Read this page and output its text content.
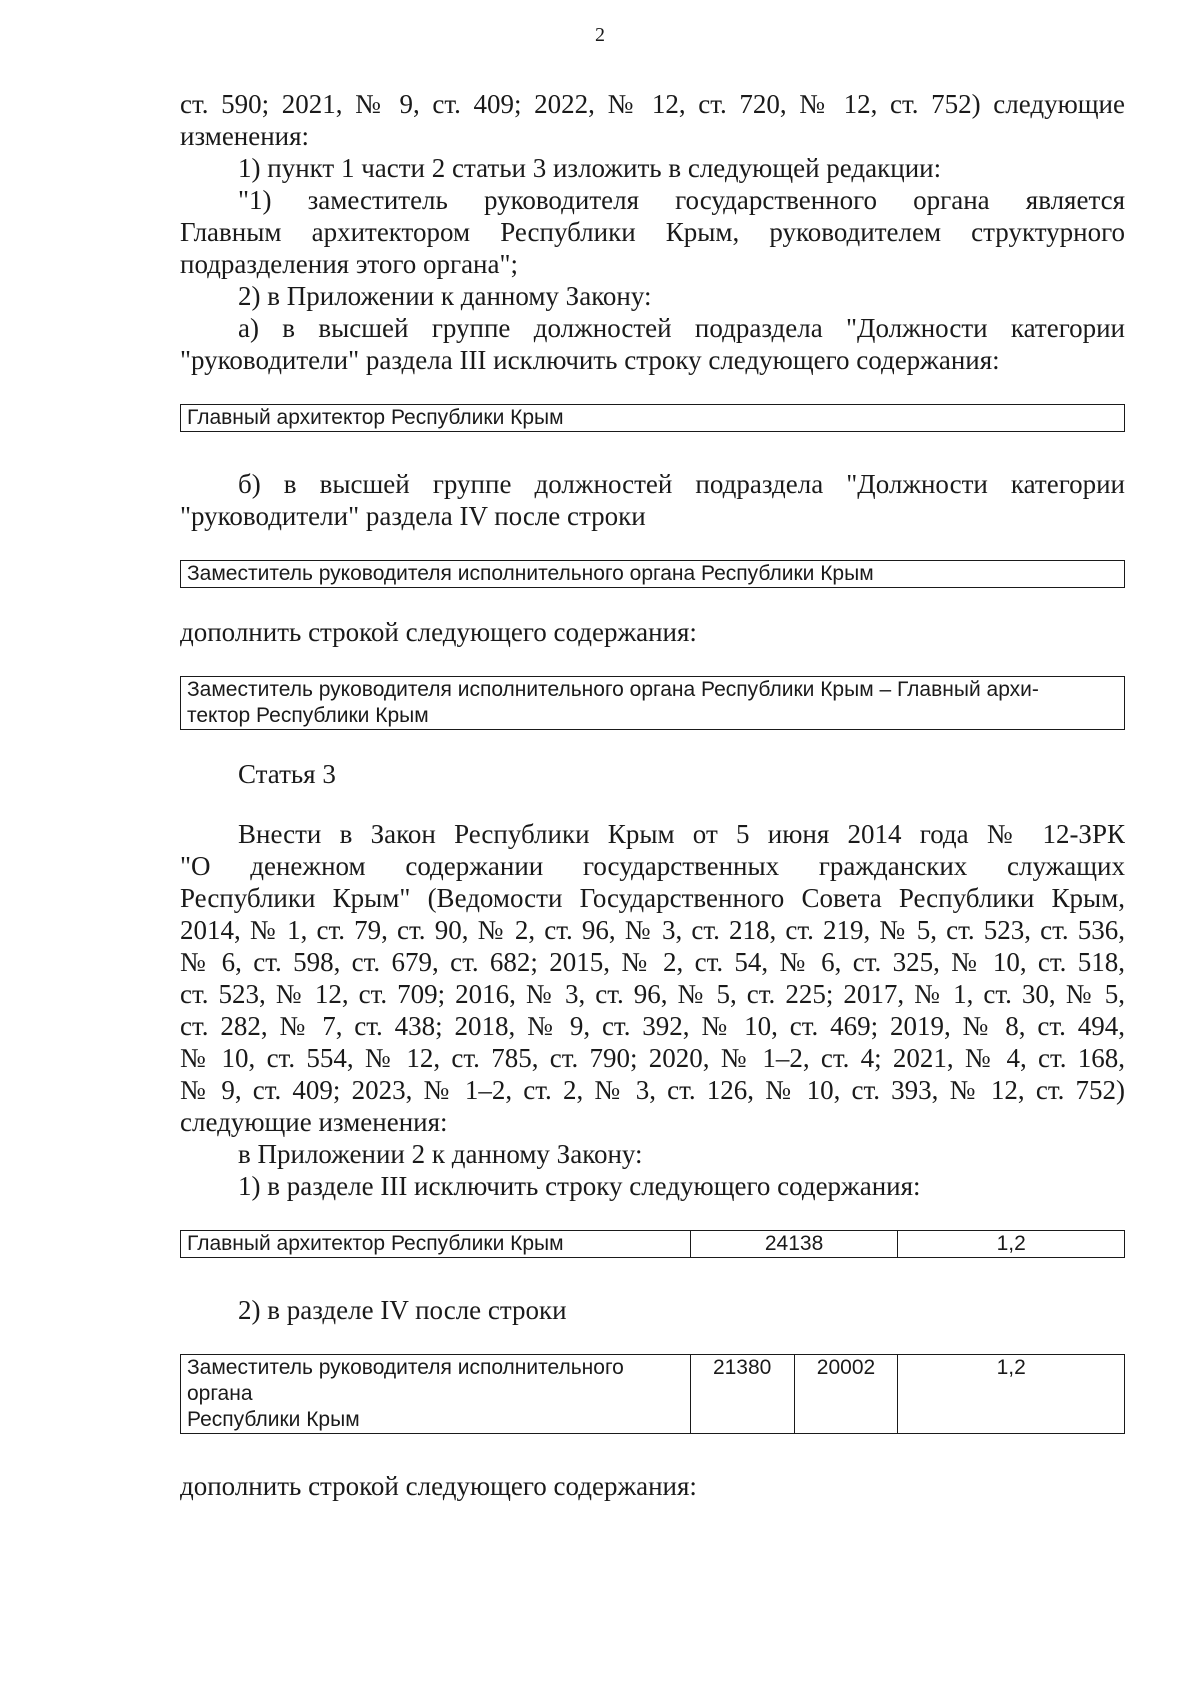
2

ст. 590; 2021, № 9, ст. 409; 2022, № 12, ст. 720, № 12, ст. 752) следующие

изменения:

1) пункт 1 части 2 статьи 3 изложить в следующей редакции:

"1) заместитель руководителя государственного органа является

Главным архитектором Республики Крым, руководителем структурного

подразделения этого органа";

2) в Приложении к данному Закону:

а) в высшей группе должностей подраздела "Должности категории

"руководители" раздела III исключить строку следующего содержания:

Главный архитектор Республики Крым

б) в высшей группе должностей подраздела "Должности категории

"руководители" раздела IV после строки

Заместитель руководителя исполнительного органа Республики Крым

дополнить строкой следующего содержания:

Заместитель руководителя исполнительного органа Республики Крым – Главный архи-
тектор Республики Крым

Статья 3

Внести в Закон Республики Крым от 5 июня 2014 года № 12-ЗРК

"О денежном содержании государственных гражданских служащих

Республики Крым" (Ведомости Государственного Совета Республики Крым,

2014, № 1, ст. 79, ст. 90, № 2, ст. 96, № 3, ст. 218, ст. 219, № 5, ст. 523, ст. 536,

№ 6, ст. 598, ст. 679, ст. 682; 2015, № 2, ст. 54, № 6, ст. 325, № 10, ст. 518,

ст. 523, № 12, ст. 709; 2016, № 3, ст. 96, № 5, ст. 225; 2017, № 1, ст. 30, № 5,

ст. 282, № 7, ст. 438; 2018, № 9, ст. 392, № 10, ст. 469; 2019, № 8, ст. 494,

№ 10, ст. 554, № 12, ст. 785, ст. 790; 2020, № 1–2, ст. 4; 2021, № 4, ст. 168,

№ 9, ст. 409; 2023, № 1–2, ст. 2, № 3, ст. 126, № 10, ст. 393, № 12, ст. 752)

следующие изменения:

в Приложении 2 к данному Закону:

1) в разделе III исключить строку следующего содержания:

Главный архитектор Республики Крым	24138	1,2

2) в разделе IV после строки

Заместитель руководителя исполнительного органа
Республики Крым
	21380	20002	1,2

дополнить строкой следующего содержания:
